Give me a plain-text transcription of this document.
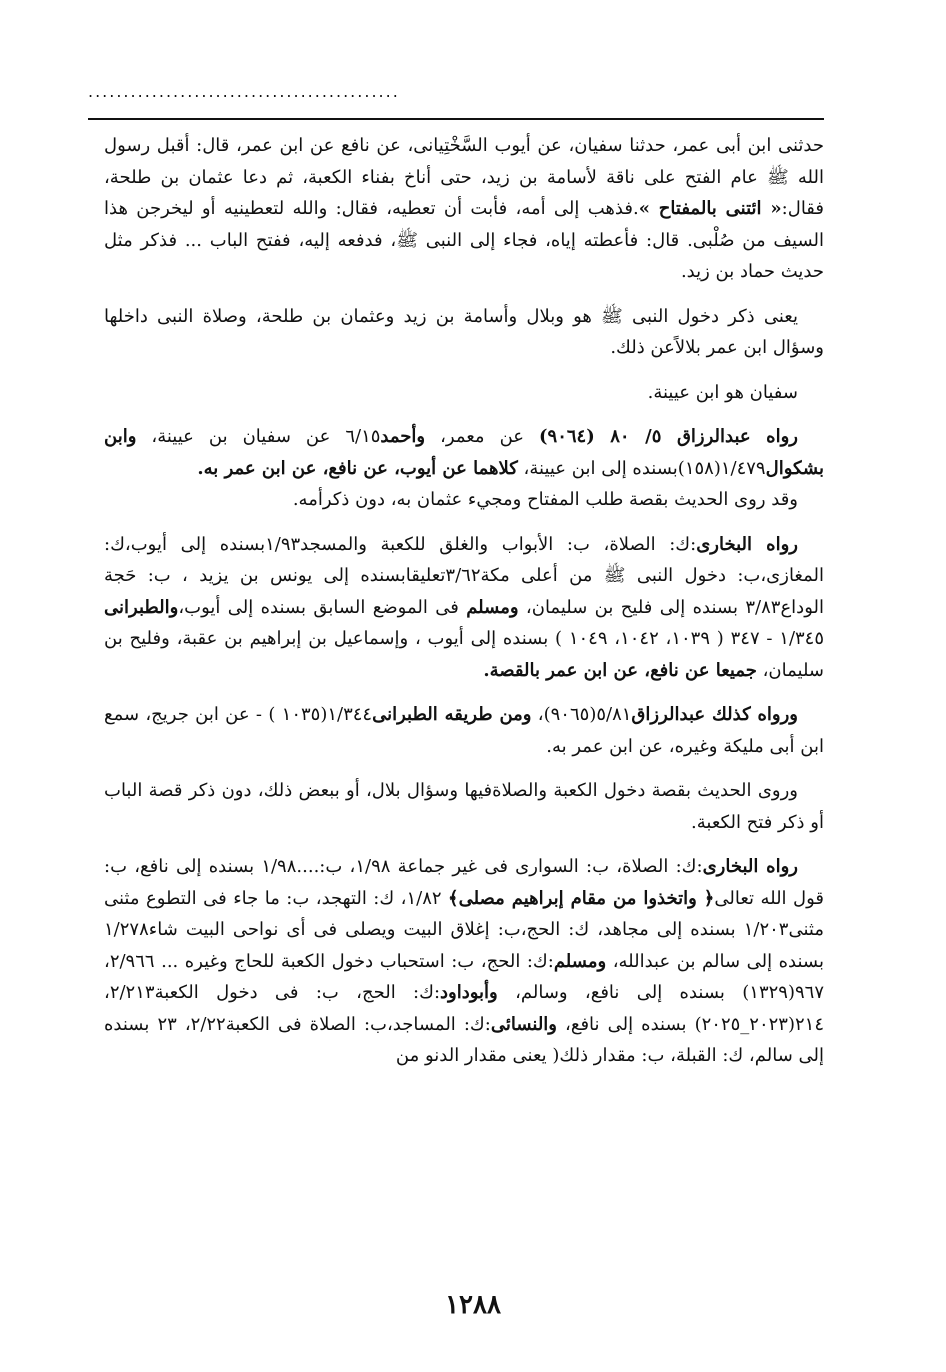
............................................

حدثنى ابن أبى عمر، حدثنا سفيان، عن أيوب السَّخْتِيانى، عن نافع عن ابن عمر، قال: أقبل رسول الله ﷺ عام الفتح على ناقة لأسامة بن زيد، حتى أناخ بفناء الكعبة، ثم دعا عثمان بن طلحة، فقال:« ائتنى بالمفتاح ».فذهب إلى أمه، فأبت أن تعطيه، فقال: والله لتعطينيه أو ليخرجن هذا السيف من صُلْبى. قال: فأعطته إياه، فجاء إلى النبى ﷺ، فدفعه إليه، ففتح الباب ... فذكر مثل حديث حماد بن زيد.

يعنى ذكر دخول النبى ﷺ هو وبلال وأسامة بن زيد وعثمان بن طلحة، وصلاة النبى داخلها وسؤال ابن عمر بلالاًعن ذلك.

سفيان هو ابن عيينة.

رواه عبدالرزاق ٥/ ٨٠ (٩٠٦٤) عن معمر، وأحمد٦/١٥ عن سفيان بن عيينة، وابن بشكوال١/٤٧٩(١٥٨)بسنده إلى ابن عيينة، كلاهما عن أيوب، عن نافع، عن ابن عمر به.

وقد روى الحديث بقصة طلب المفتاح ومجيء عثمان به، دون ذكرأمه.

رواه البخارى:ك: الصلاة، ب: الأبواب والغلق للكعبة والمسجد١/٩٣بسنده إلى أيوب،ك: المغازى،ب: دخول النبى ﷺ من أعلى مكة٣/٦٢تعليقابسنده إلى يونس بن يزيد ، ب: حَجة الوداع٣/٨٣ بسنده إلى فليح بن سليمان، ومسلم فى الموضع السابق بسنده إلى أيوب،والطبرانى ١/٣٤٥ - ٣٤٧ ( ١٠٣٩، ١٠٤٢، ١٠٤٩ ) بسنده إلى أيوب ، وإسماعيل بن إبراهيم بن عقبة، وفليح بن سليمان، جميعا عن نافع، عن ابن عمر بالقصة.

ورواه كذلك عبدالرزاق٥/٨١(٩٠٦٥)، ومن طريقه الطبرانى١/٣٤٤(١٠٣٥ ) - عن ابن جريج، سمع ابن أبى مليكة وغيره، عن ابن عمر به.

وروى الحديث بقصة دخول الكعبة والصلاةفيها وسؤال بلال، أو ببعض ذلك، دون ذكر قصة الباب أو ذكر فتح الكعبة.

رواه البخارى:ك: الصلاة، ب: السوارى فى غير جماعة ١/٩٨، ب:....١/٩٨ بسنده إلى نافع، ب: قول الله تعالى﴿ واتخذوا من مقام إبراهيم مصلى﴾ ١/٨٢، ك: التهجد، ب: ما جاء فى التطوع مثنى مثنى١/٢٠٣ بسنده إلى مجاهد، ك: الحج،ب: إغلاق البيت ويصلى فى أى نواحى البيت شاء١/٢٧٨ بسنده إلى سالم بن عبدالله، ومسلم:ك: الحج، ب: استحباب دخول الكعبة للحاج وغيره ... ٢/٩٦٦، ٩٦٧(١٣٢٩) بسنده إلى نافع، وسالم، وأبوداود:ك: الحج، ب: فى دخول الكعبة٢/٢١٣، ٢١٤(٢٠٢٣_٢٠٢٥) بسنده إلى نافع، والنسائى:ك: المساجد،ب: الصلاة فى الكعبة٢/٢٢، ٢٣ بسنده إلى سالم، ك: القبلة، ب: مقدار ذلك( يعنى مقدار الدنو من

١٢٨٨
